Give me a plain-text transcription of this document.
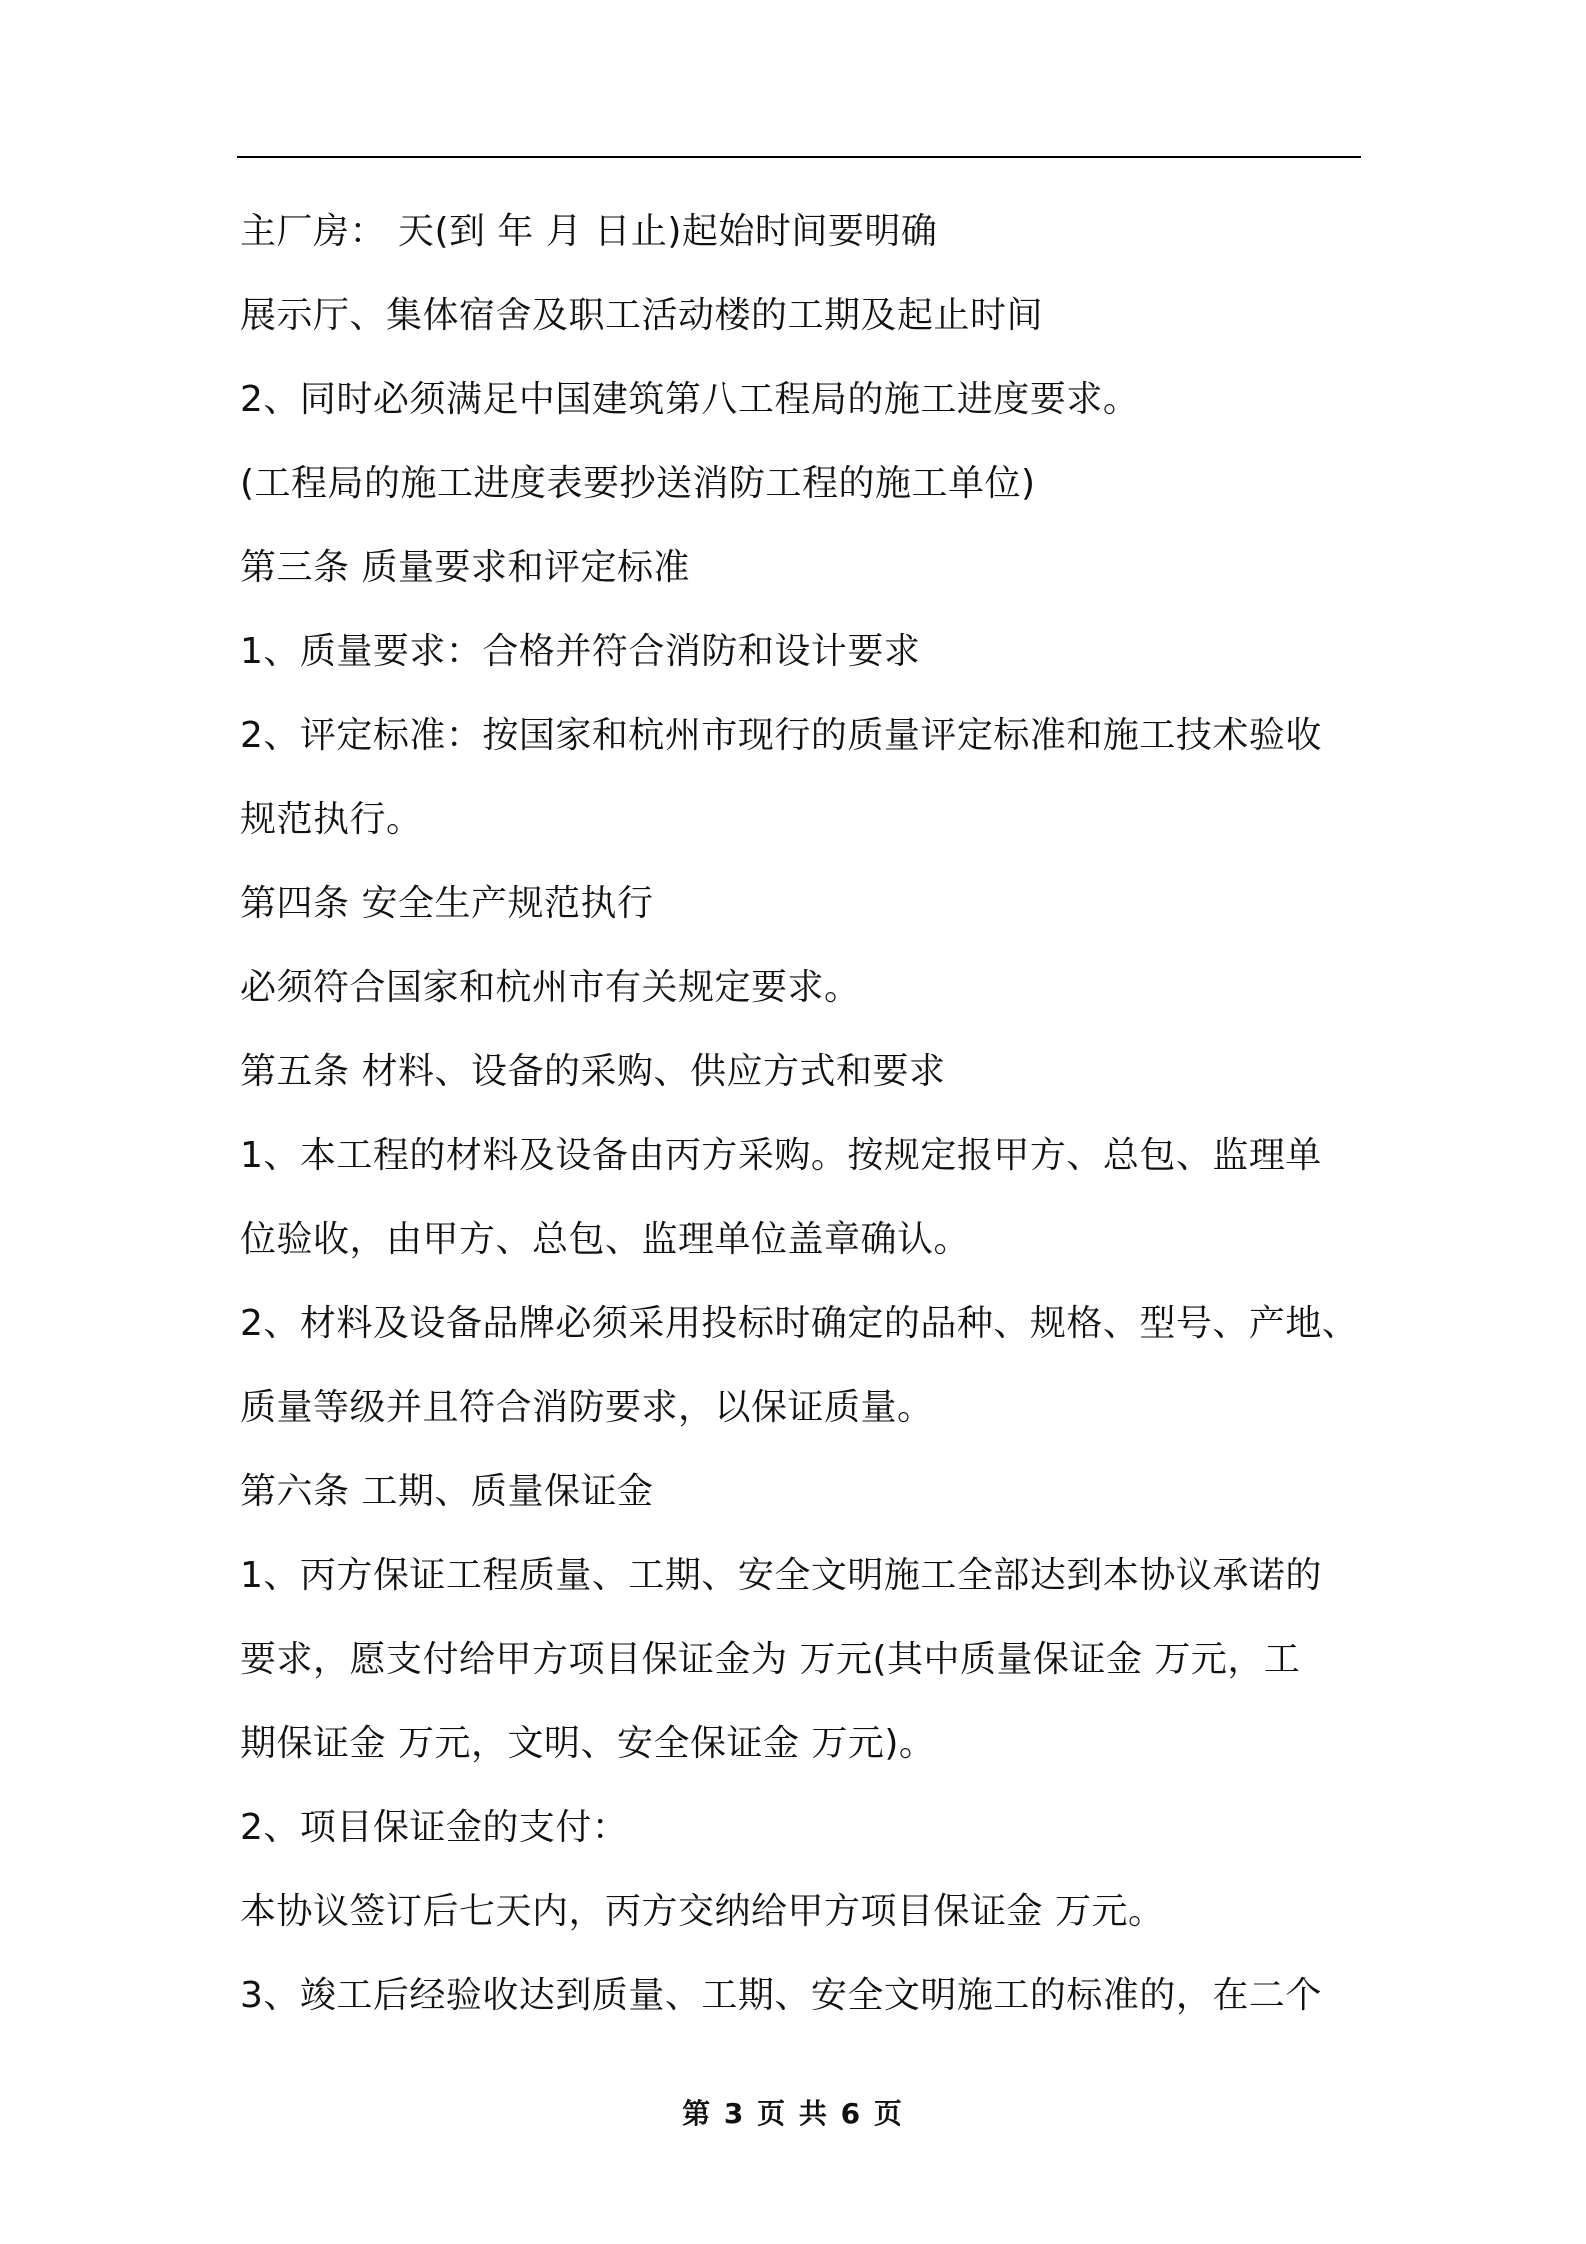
主厂房： 天(到 年 月 日止)起始时间要明确
展示厅、集体宿舍及职工活动楼的工期及起止时间
2、同时必须满足中国建筑第八工程局的施工进度要求。
(工程局的施工进度表要抄送消防工程的施工单位)
第三条 质量要求和评定标准
1、质量要求：合格并符合消防和设计要求
2、评定标准：按国家和杭州市现行的质量评定标准和施工技术验收
规范执行。
第四条 安全生产规范执行
必须符合国家和杭州市有关规定要求。
第五条 材料、设备的采购、供应方式和要求
1、本工程的材料及设备由丙方采购。按规定报甲方、总包、监理单
位验收，由甲方、总包、监理单位盖章确认。
2、材料及设备品牌必须采用投标时确定的品种、规格、型号、产地、
质量等级并且符合消防要求，以保证质量。
第六条 工期、质量保证金
1、丙方保证工程质量、工期、安全文明施工全部达到本协议承诺的
要求，愿支付给甲方项目保证金为 万元(其中质量保证金 万元，工
期保证金 万元，文明、安全保证金 万元)。
2、项目保证金的支付：
本协议签订后七天内，丙方交纳给甲方项目保证金 万元。
3、竣工后经验收达到质量、工期、安全文明施工的标准的，在二个
第 3 页 共 6 页
